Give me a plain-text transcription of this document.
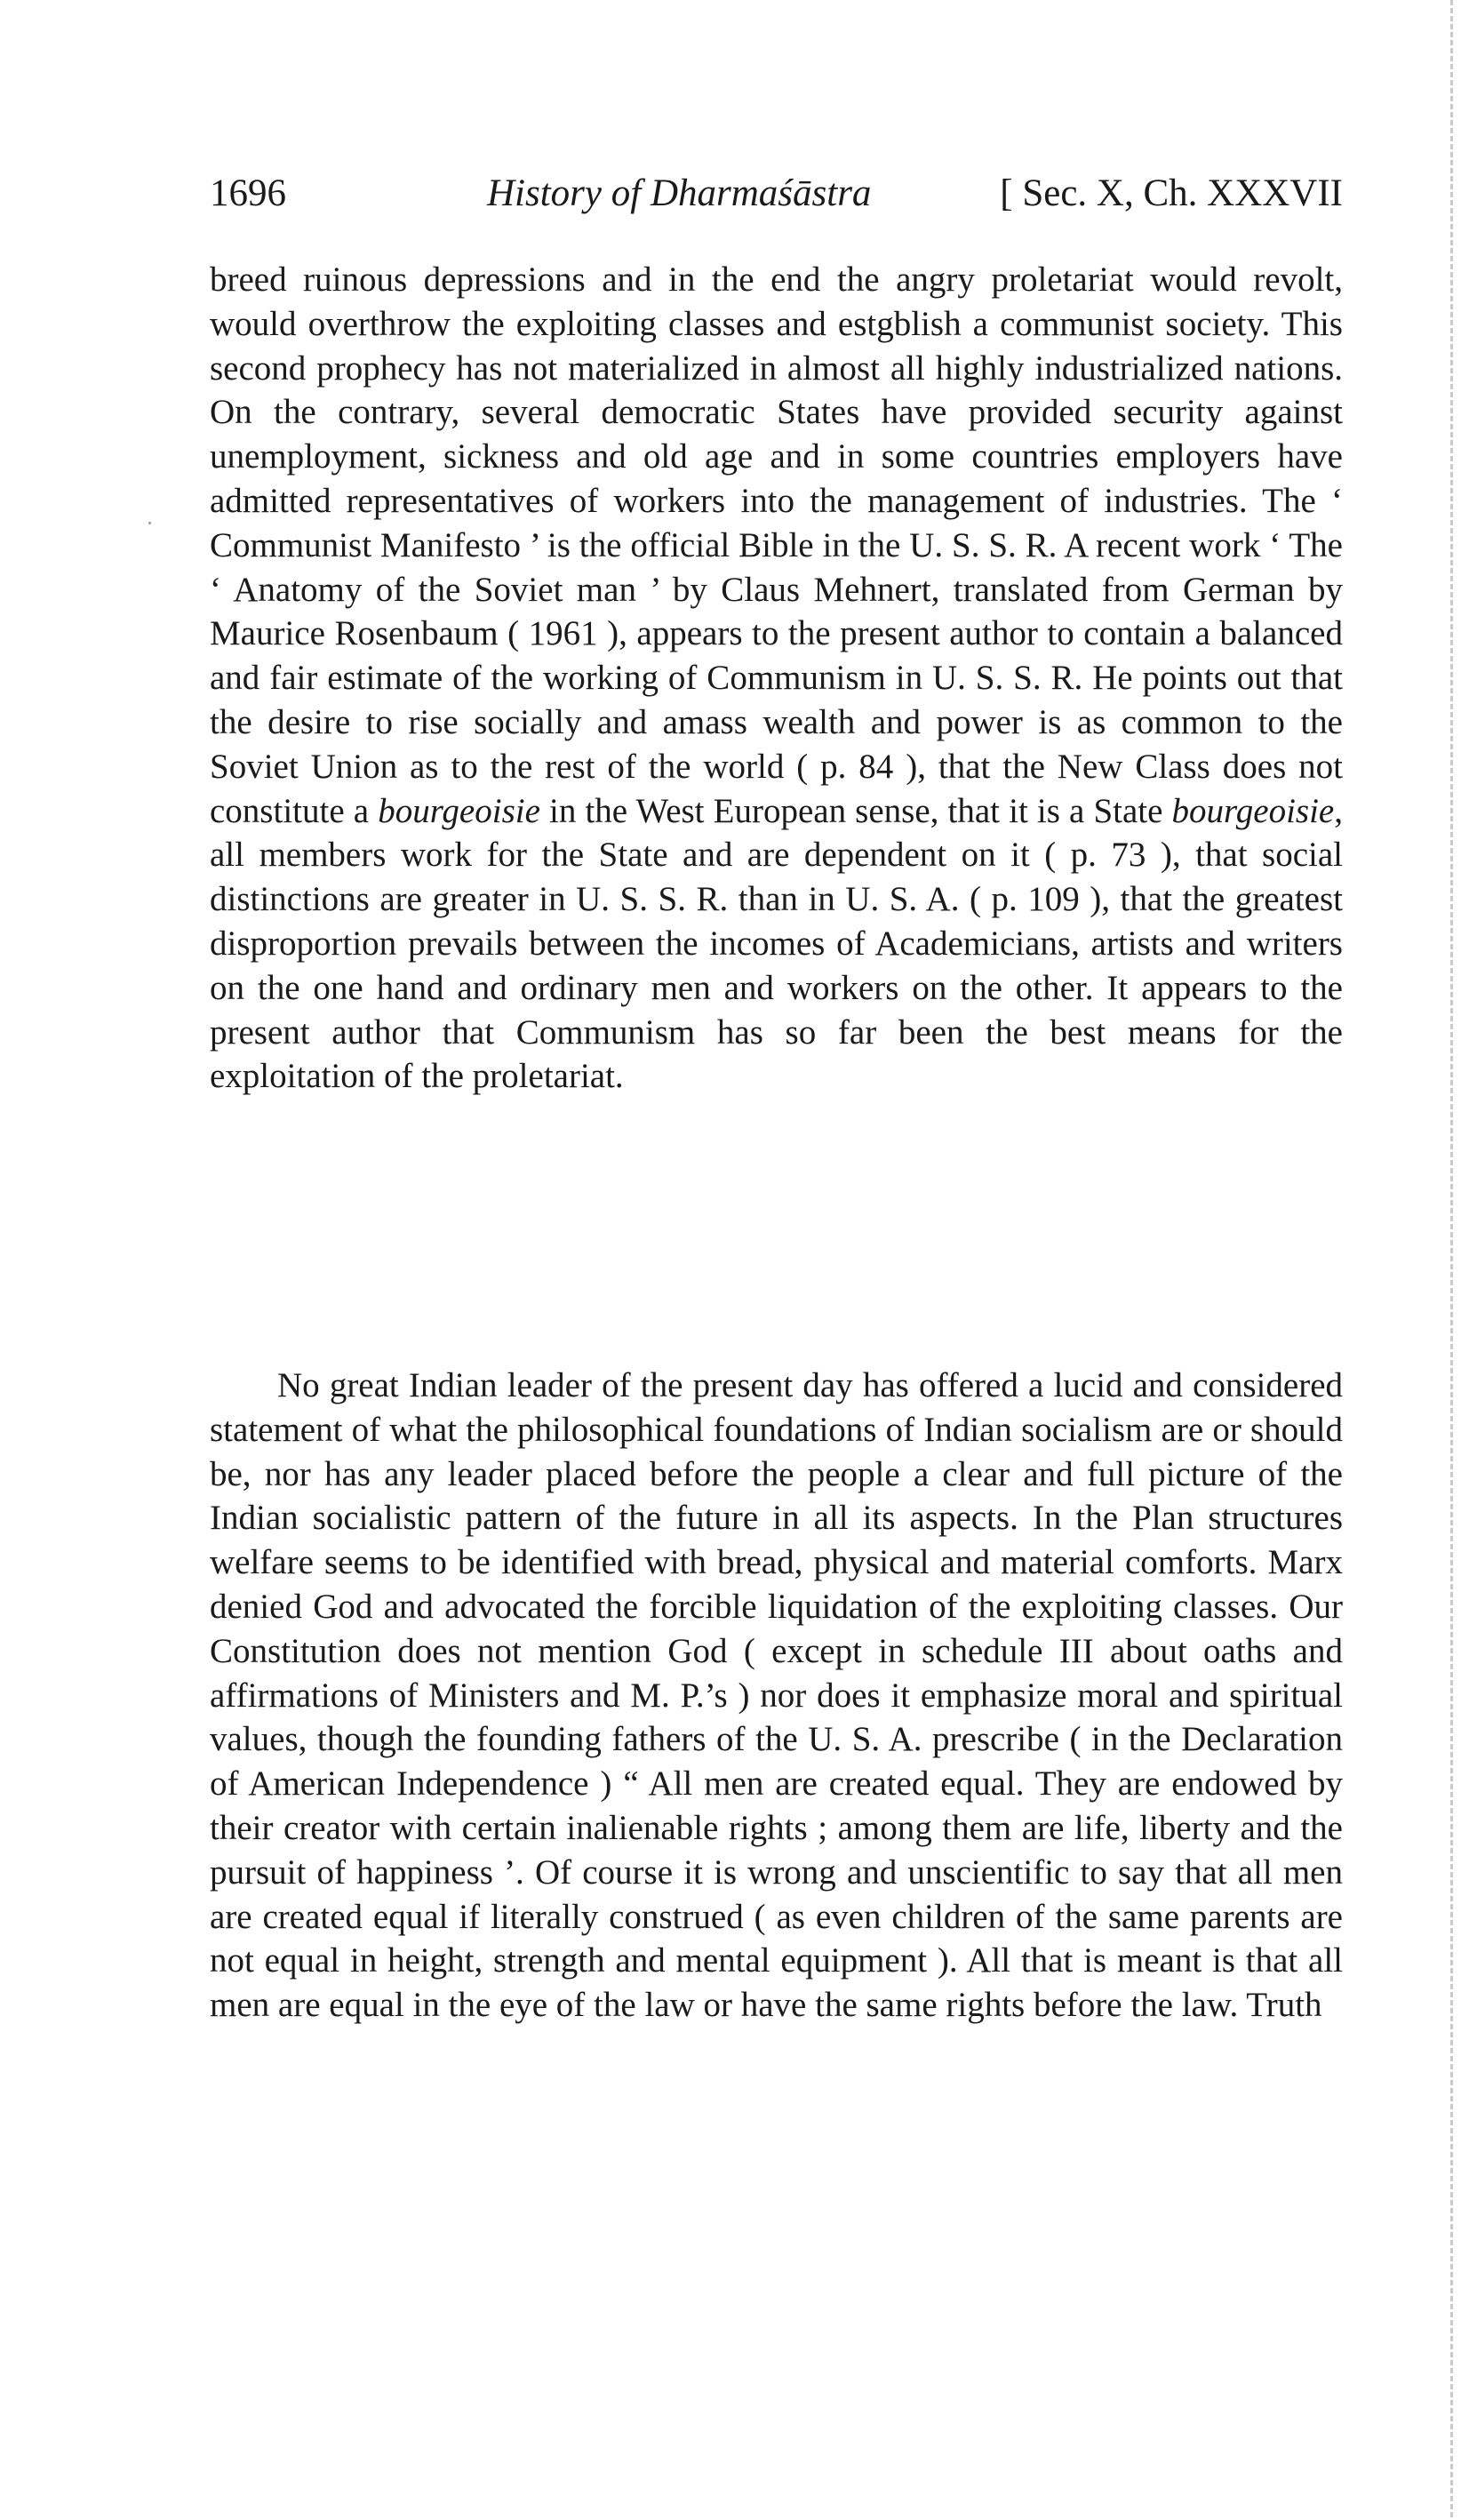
1696	History of Dharmaśāstra	[ Sec. X, Ch. XXXVII

breed ruinous depressions and in the end the angry proletariat would revolt, would overthrow the exploiting classes and estgblish a communist society. This second prophecy has not materialized in almost all highly industrialized nations. On the contrary, several democratic States have provided security against unemployment, sickness and old age and in some countries employers have admitted representatives of workers into the management of industries. The ‘ Communist Manifesto ’ is the official Bible in the U. S. S. R. A recent work ‘ The ‘ Anatomy of the Soviet man ’ by Claus Mehnert, translated from German by Maurice Rosenbaum ( 1961 ), appears to the present author to contain a balanced and fair estimate of the working of Communism in U. S. S. R. He points out that the desire to rise socially and amass wealth and power is as common to the Soviet Union as to the rest of the world ( p. 84 ), that the New Class does not constitute a bourgeoisie in the West European sense, that it is a State bourgeoisie, all members work for the State and are dependent on it ( p. 73 ), that social distinctions are greater in U. S. S. R. than in U. S. A. ( p. 109 ), that the greatest disproportion prevails between the incomes of Academicians, artists and writers on the one hand and ordinary men and workers on the other. It appears to the present author that Communism has so far been the best means for the exploitation of the proletariat.

No great Indian leader of the present day has offered a lucid and considered statement of what the philosophical foundations of Indian socialism are or should be, nor has any leader placed before the people a clear and full picture of the Indian socialistic pattern of the future in all its aspects. In the Plan structures welfare seems to be identified with bread, physical and material comforts. Marx denied God and advocated the forcible liquidation of the exploiting classes. Our Constitution does not mention God ( except in schedule III about oaths and affirmations of Ministers and M. P.’s ) nor does it emphasize moral and spiritual values, though the founding fathers of the U. S. A. prescribe ( in the Declaration of American Independence ) “ All men are created equal. They are endowed by their creator with certain inalienable rights ; among them are life, liberty and the pursuit of happiness ’. Of course it is wrong and unscientific to say that all men are created equal if literally construed ( as even children of the same parents are not equal in height, strength and mental equipment ). All that is meant is that all men are equal in the eye of the law or have the same rights before the law. Truth
